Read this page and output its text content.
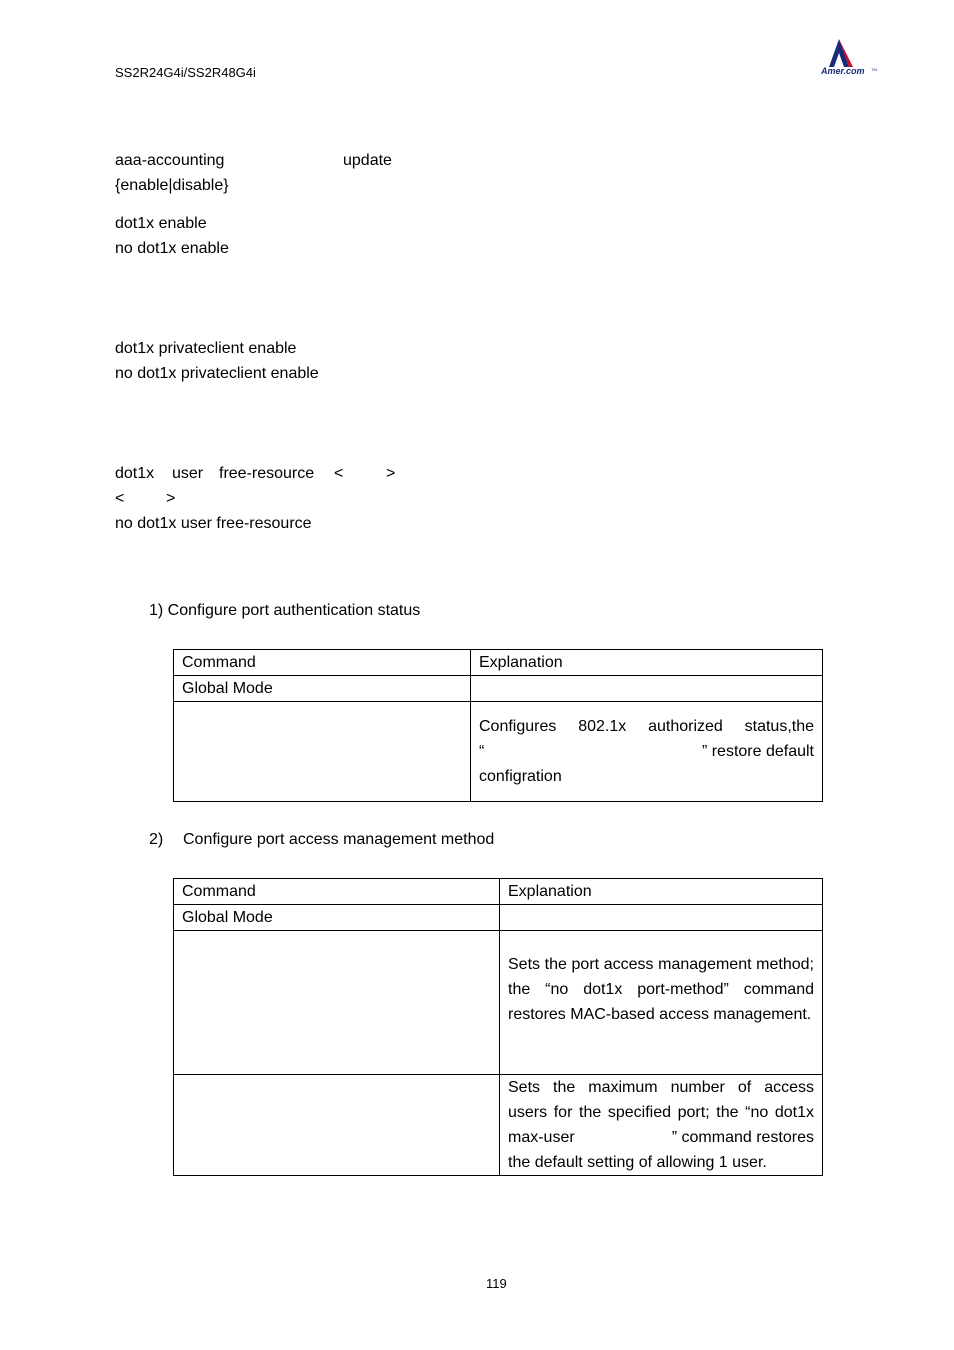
SS2R24G4i/SS2R48G4i	Amer.com TM
aaa-accounting	update
{enable|disable}
dot1x enable
no dot1x enable
dot1x privateclient enable
no dot1x privateclient enable
dot1x user free-resource <	>
<	>
no dot1x user free-resource
1) Configure port authentication status
Command	Explanation
Global Mode	

	Configures 802.1x authorized status,the
“ ” restore default
configration
2) Configure port access management method
Command	Explanation
Global Mode	
	Sets the port access management method; the “no dot1x port-method” command restores MAC-based access management.

	Sets the maximum number of access
users for the specified port; the “no dot1x
max-user ” command restores
the default setting of allowing 1 user.
119
